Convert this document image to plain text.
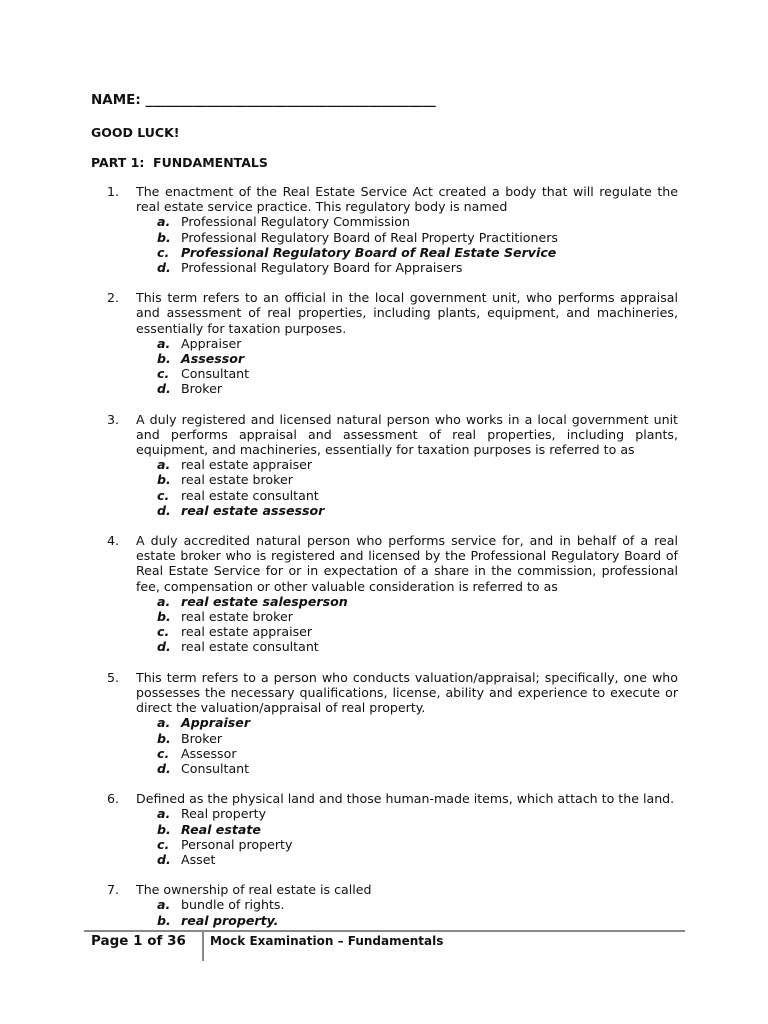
NAME: ___________________________________________
GOOD LUCK!
PART 1:  FUNDAMENTALS
1. The enactment of the Real Estate Service Act created a body that will regulate the real estate service practice. This regulatory body is named
a. Professional Regulatory Commission
b. Professional Regulatory Board of Real Property Practitioners
c. Professional Regulatory Board of Real Estate Service
d. Professional Regulatory Board for Appraisers
2. This term refers to an official in the local government unit, who performs appraisal and assessment of real properties, including plants, equipment, and machineries, essentially for taxation purposes.
a. Appraiser
b. Assessor
c. Consultant
d. Broker
3. A duly registered and licensed natural person who works in a local government unit and performs appraisal and assessment of real properties, including plants, equipment, and machineries, essentially for taxation purposes is referred to as
a. real estate appraiser
b. real estate broker
c. real estate consultant
d. real estate assessor
4. A duly accredited natural person who performs service for, and in behalf of a real estate broker who is registered and licensed by the Professional Regulatory Board of Real Estate Service for or in expectation of a share in the commission, professional fee, compensation or other valuable consideration is referred to as
a. real estate salesperson
b. real estate broker
c. real estate appraiser
d. real estate consultant
5. This term refers to a person who conducts valuation/appraisal; specifically, one who possesses the necessary qualifications, license, ability and experience to execute or direct the valuation/appraisal of real property.
a. Appraiser
b. Broker
c. Assessor
d. Consultant
6. Defined as the physical land and those human-made items, which attach to the land.
a. Real property
b. Real estate
c. Personal property
d. Asset
7. The ownership of real estate is called
a. bundle of rights.
b. real property.
Page 1 of 36 Mock Examination – Fundamentals
